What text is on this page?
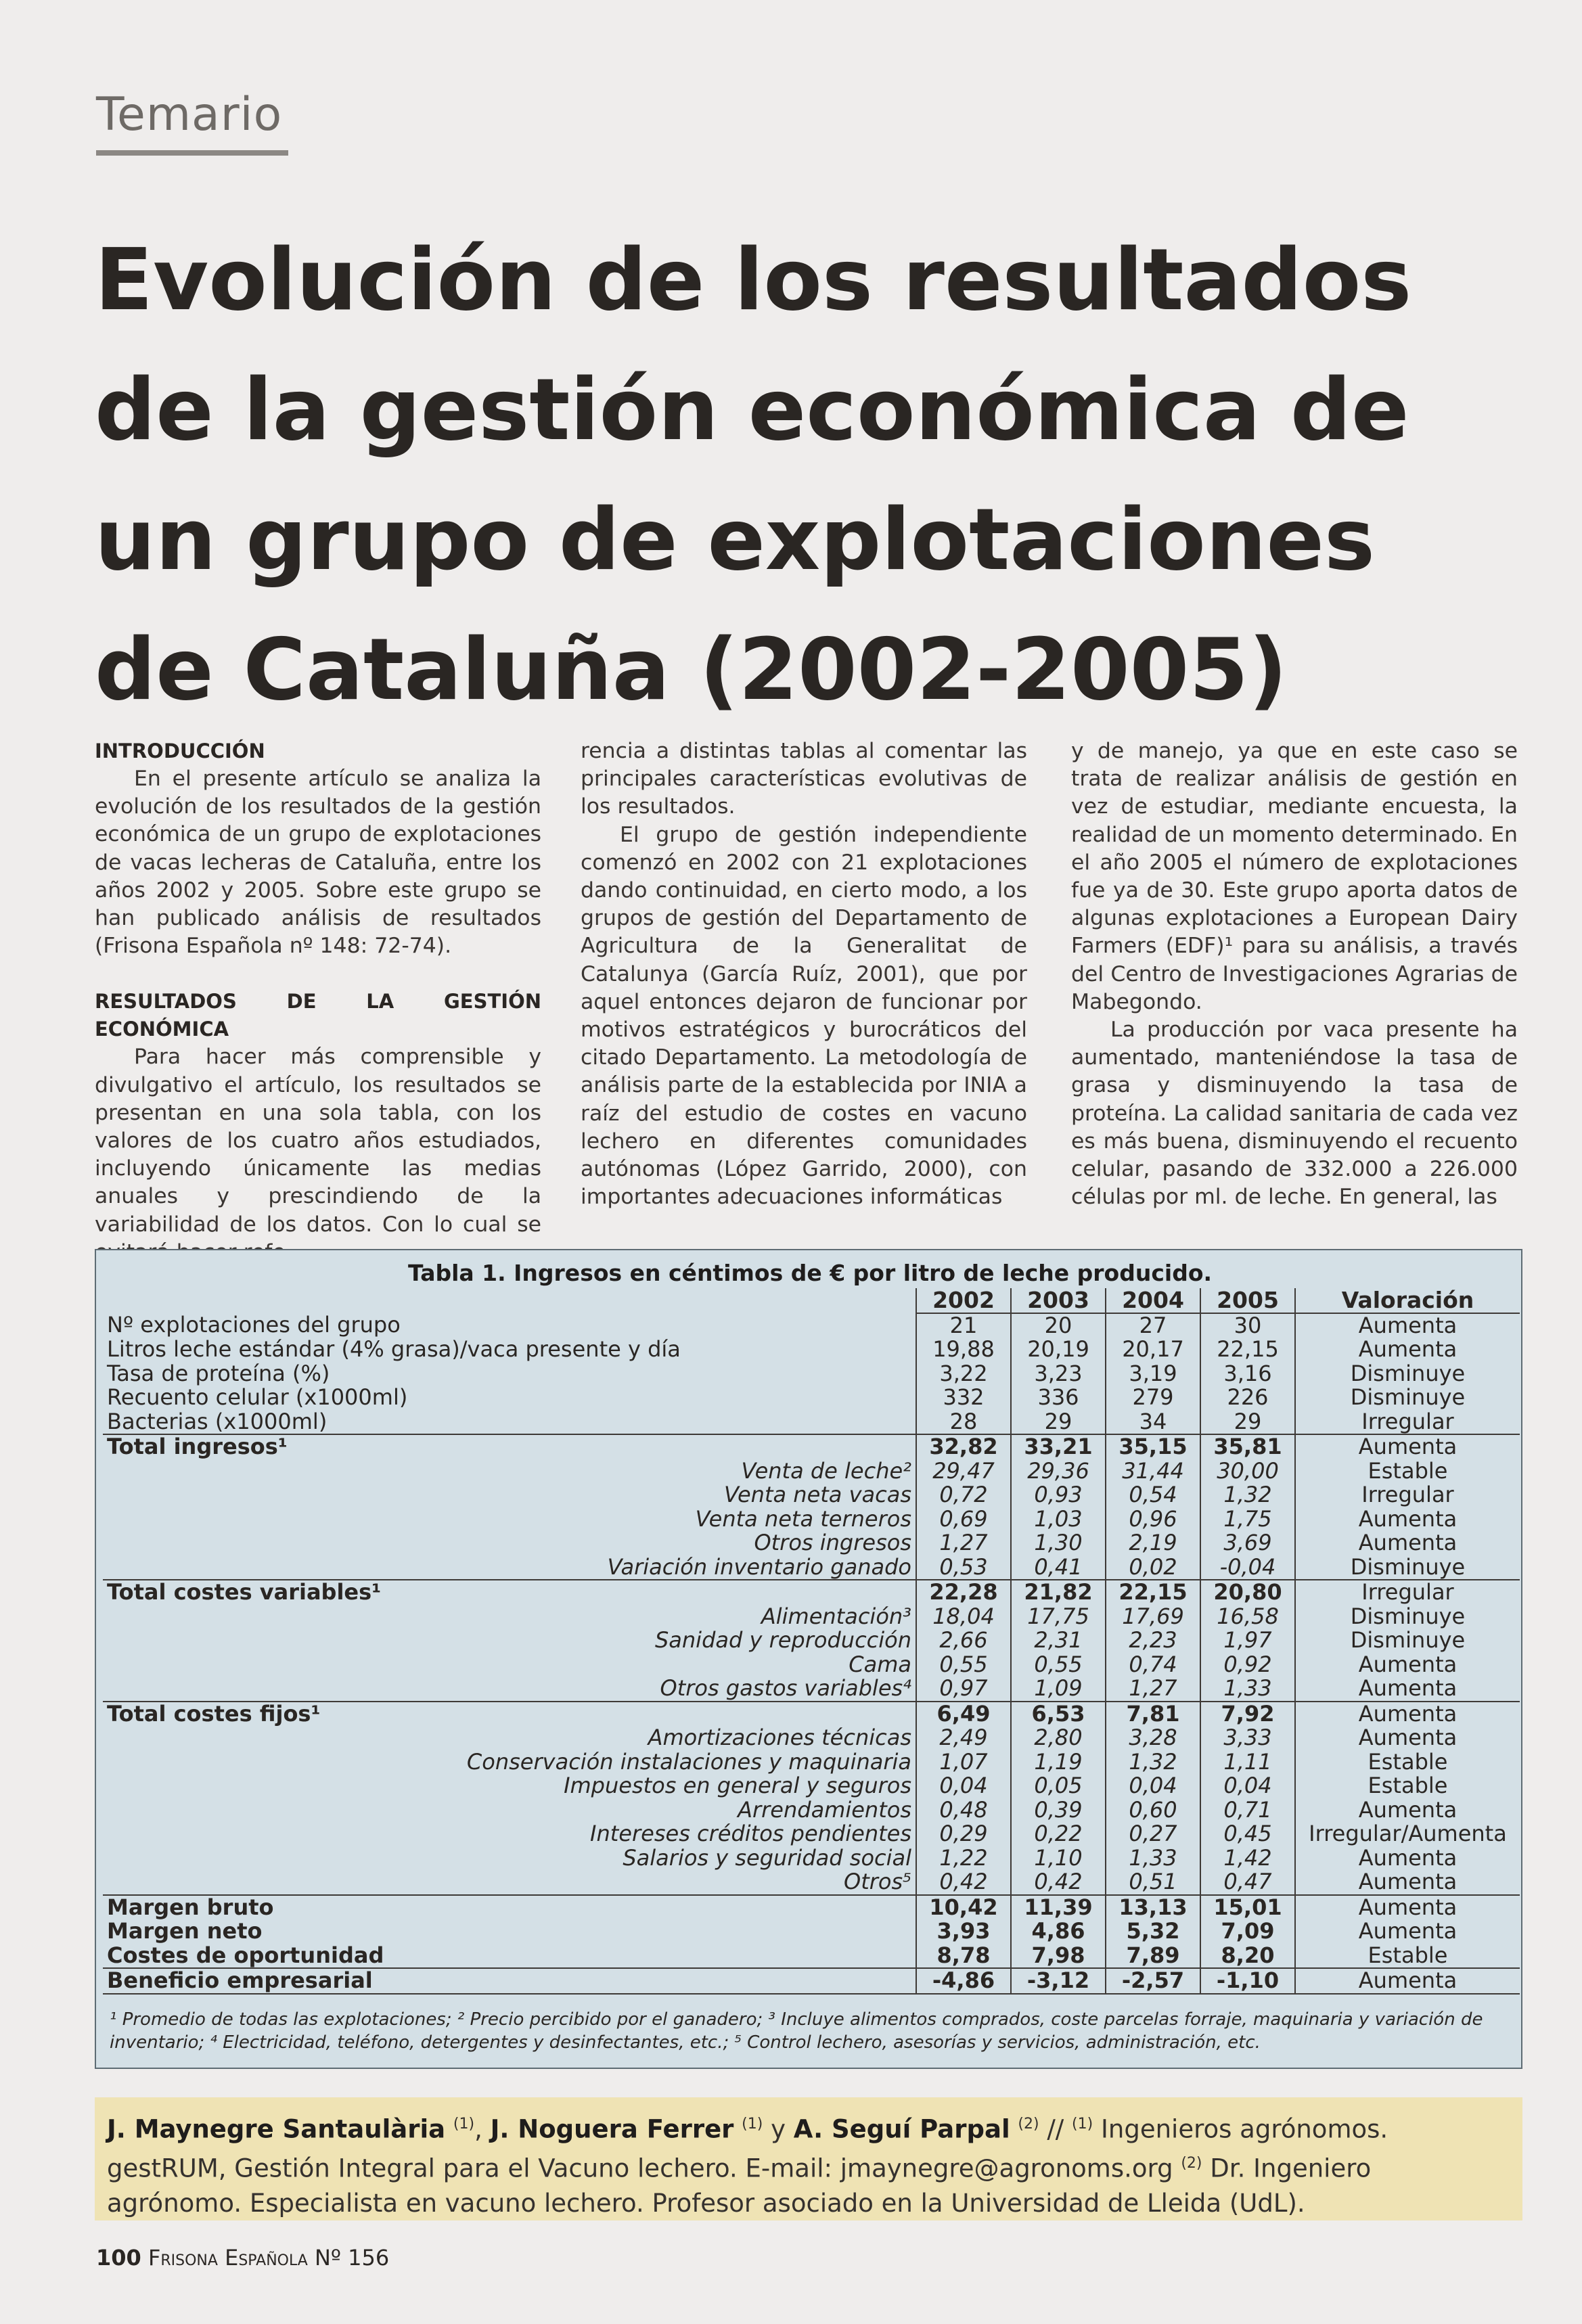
Temario
Evolución de los resultados de la gestión económica de un grupo de explotaciones de Cataluña (2002-2005)
INTRODUCCIÓN

En el presente artículo se analiza la evolución de los resultados de la gestión económica de un grupo de explotaciones de vacas lecheras de Cataluña, entre los años 2002 y 2005. Sobre este grupo se han publicado análisis de resultados (Frisona Española nº 148: 72-74).

RESULTADOS DE LA GESTIÓN ECONÓMICA

Para hacer más comprensible y divulgativo el artículo, los resultados se presentan en una sola tabla, con los valores de los cuatro años estudiados, incluyendo únicamente las medias anuales y prescindiendo de la variabilidad de los datos. Con lo cual se

rencia a distintas tablas al comentar las principales características evolutivas de los resultados.

El grupo de gestión independiente comenzó en 2002 con 21 explotaciones dando continuidad, en cierto modo, a los grupos de gestión del Departamento de Agricultura de la Generalitat de Catalunya (García Ruíz, 2001), que por aquel entonces dejaron de funcionar por motivos estratégicos y burocráticos del citado Departamento. La metodología de análisis parte de la establecida por INIA a raíz del estudio de costes en vacuno lechero en diferentes comunidades autónomas (López Garrido, 2000), con importantes adecuaciones informáticas

y de manejo, ya que en este caso se trata de realizar análisis de gestión en vez de estudiar, mediante encuesta, la realidad de un momento determinado. En el año 2005 el número de explotaciones fue ya de 30. Este grupo aporta datos de algunas explotaciones a European Dairy Farmers (EDF)¹ para su análisis, a través del Centro de Investigaciones Agrarias de Mabegondo.

La producción por vaca presente ha aumentado, manteniéndose la tasa de grasa y disminuyendo la tasa de proteína. La calidad sanitaria de cada vez es más buena, disminuyendo el recuento celular, pasando de 332.000 a 226.000 células por ml. de leche. En general, las

Tabla 1. Ingresos en céntimos de € por litro de leche producido.
	2002	2003	2004	2005	Valoración
Nº explotaciones del grupo	21	20	27	30	Aumenta
Litros leche estándar (4% grasa)/vaca presente y día	19,88	20,19	20,17	22,15	Aumenta
Tasa de proteína (%)	3,22	3,23	3,19	3,16	Disminuye
Recuento celular (x1000ml)	332	336	279	226	Disminuye
Bacterias (x1000ml)	28	29	34	29	Irregular
Total ingresos¹	32,82	33,21	35,15	35,81	Aumenta
Venta de leche²	29,47	29,36	31,44	30,00	Estable
Venta neta vacas	0,72	0,93	0,54	1,32	Irregular
Venta neta terneros	0,69	1,03	0,96	1,75	Aumenta
Otros ingresos	1,27	1,30	2,19	3,69	Aumenta
Variación inventario ganado	0,53	0,41	0,02	-0,04	Disminuye
Total costes variables¹	22,28	21,82	22,15	20,80	Irregular
Alimentación³	18,04	17,75	17,69	16,58	Disminuye
Sanidad y reproducción	2,66	2,31	2,23	1,97	Disminuye
Cama	0,55	0,55	0,74	0,92	Aumenta
Otros gastos variables⁴	0,97	1,09	1,27	1,33	Aumenta
Total costes fijos¹	6,49	6,53	7,81	7,92	Aumenta
Amortizaciones técnicas	2,49	2,80	3,28	3,33	Aumenta
Conservación instalaciones y maquinaria	1,07	1,19	1,32	1,11	Estable
Impuestos en general y seguros	0,04	0,05	0,04	0,04	Estable
Arrendamientos	0,48	0,39	0,60	0,71	Aumenta
Intereses créditos pendientes	0,29	0,22	0,27	0,45	Irregular/Aumenta
Salarios y seguridad social	1,22	1,10	1,33	1,42	Aumenta
Otros⁵	0,42	0,42	0,51	0,47	Aumenta
Margen bruto	10,42	11,39	13,13	15,01	Aumenta
Margen neto	3,93	4,86	5,32	7,09	Aumenta
Costes de oportunidad	8,78	7,98	7,89	8,20	Estable
Beneficio empresarial	-4,86	-3,12	-2,57	-1,10	Aumenta
¹ Promedio de todas las explotaciones; ² Precio percibido por el ganadero; ³ Incluye alimentos comprados, coste parcelas forraje, maquinaria y variación de inventario; ⁴ Electricidad, teléfono, detergentes y desinfectantes, etc.; ⁵ Control lechero, asesorías y servicios, administración, etc.
J. Maynegre Santaulària $^{(1)}$, J. Noguera Ferrer $^{(1)}$ y A. Seguí Parpal $^{(2)}$ // $^{(1)}$ Ingenieros agrónomos. gestRUM, Gestión Integral para el Vacuno lechero. E-mail: jmaynegre@agronoms.org $^{(2)}$ Dr. Ingeniero agrónomo. Especialista en vacuno lechero. Profesor asociado en la Universidad de Lleida (UdL).
100 Frisona Española Nº 156
